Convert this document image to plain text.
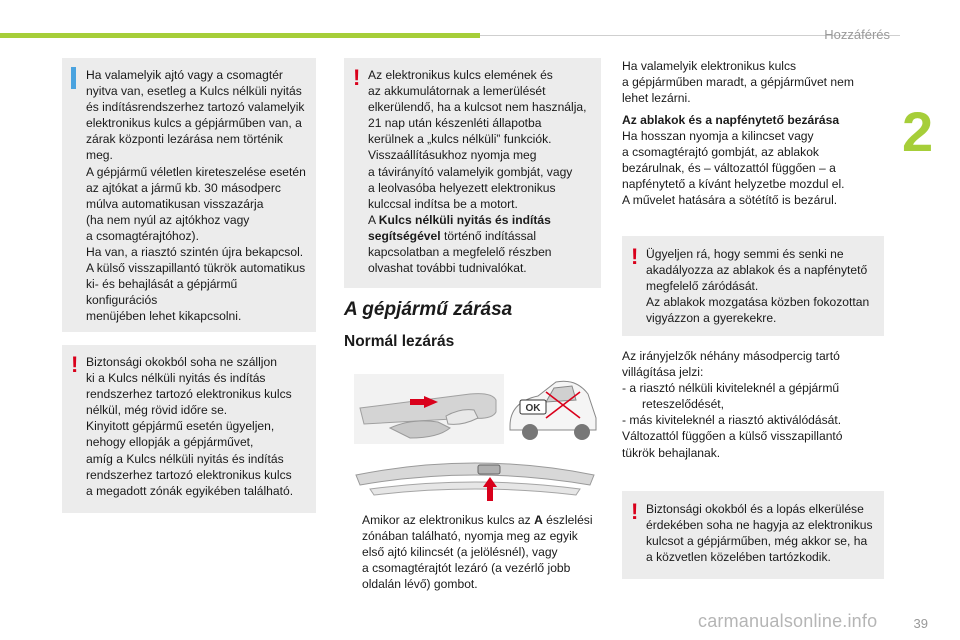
Hozzáférés
2
Ha valamelyik ajtó vagy a csomagtér
nyitva van, esetleg a Kulcs nélküli nyitás
és indításrendszerhez tartozó valamelyik
elektronikus kulcs a gépjárműben van, a
zárak központi lezárása nem történik meg.
A gépjármű véletlen kireteszelése esetén
az ajtókat a jármű kb. 30 másodperc
múlva automatikusan visszazárja
(ha nem nyúl az ajtókhoz vagy
a csomagtérajtóhoz).
Ha van, a riasztó szintén újra bekapcsol.
A külső visszapillantó tükrök automatikus
ki- és behajlását a gépjármű konfigurációs
menüjében lehet kikapcsolni.
! Biztonsági okokból soha ne szálljon
ki a Kulcs nélküli nyitás és indítás
rendszerhez tartozó elektronikus kulcs
nélkül, még rövid időre se.
Kinyitott gépjármű esetén ügyeljen,
nehogy ellopják a gépjárművet,
amíg a Kulcs nélküli nyitás és indítás
rendszerhez tartozó elektronikus kulcs
a megadott zónák egyikében található.
! Az elektronikus kulcs elemének és
az akkumulátornak a lemerülését
elkerülendő, ha a kulcsot nem használja,
21 nap után készenléti állapotba
kerülnek a „kulcs nélküli” funkciók.
Visszaállításukhoz nyomja meg
a távirányító valamelyik gombját, vagy
a leolvasóba helyezett elektronikus
kulccsal indítsa be a motort.
A Kulcs nélküli nyitás és indítás
segítségével történő indítással
kapcsolatban a megfelelő részben
olvashat további tudnivalókat.
A gépjármű zárása
Normál lezárás
OK
Amikor az elektronikus kulcs az A észlelési
zónában található, nyomja meg az egyik
első ajtó kilincsét (a jelölésnél), vagy
a csomagtérajtót lezáró (a vezérlő jobb
oldalán lévő) gombot.
Ha valamelyik elektronikus kulcs
a gépjárműben maradt, a gépjárművet nem
lehet lezárni.
Az ablakok és a napfénytető bezárása
Ha hosszan nyomja a kilincset vagy
a csomagtérajtó gombját, az ablakok
bezárulnak, és – változattól függően – a
napfénytető a kívánt helyzetbe mozdul el.
A művelet hatására a sötétítő is bezárul.
! Ügyeljen rá, hogy semmi és senki ne
akadályozza az ablakok és a napfénytető
megfelelő záródását.
Az ablakok mozgatása közben fokozottan
vigyázzon a gyerekekre.
Az irányjelzők néhány másodpercig tartó
villágítása jelzi:
- a riasztó nélküli kiviteleknél a gépjármű
reteszelődését,
- más kiviteleknél a riasztó aktiválódását.
Változattól függően a külső visszapillantó
tükrök behajlanak.
! Biztonsági okokból és a lopás elkerülése
érdekében soha ne hagyja az elektronikus
kulcsot a gépjárműben, még akkor se, ha
a közvetlen közelében tartózkodik.
carmanualsonline.info	39
